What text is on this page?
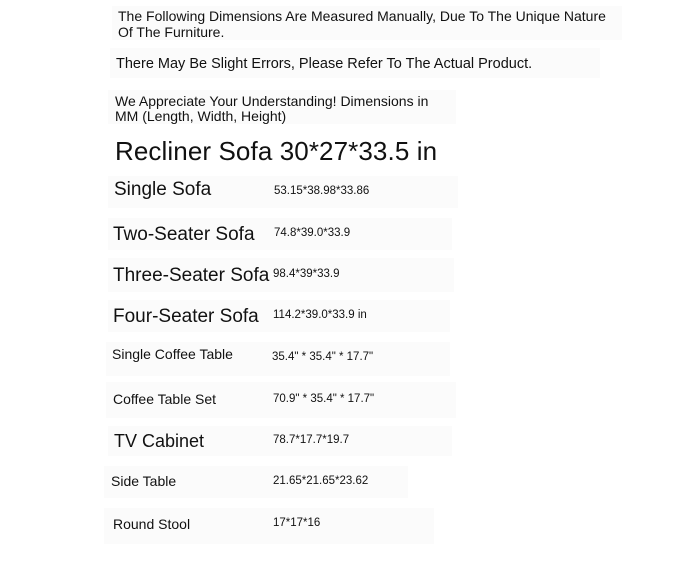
The Following Dimensions Are Measured Manually, Due To The Unique Nature
Of The Furniture.
There May Be Slight Errors, Please Refer To The Actual Product.
We Appreciate Your Understanding! Dimensions in
MM (Length, Width, Height)
Recliner Sofa 30*27*33.5 in
Single Sofa
Two-Seater Sofa
Three-Seater Sofa
Four-Seater Sofa
Single Coffee Table
Coffee Table Set
TV Cabinet
Side Table
Round Stool
53.15*38.98*33.86
74.8*39.0*33.9
98.4*39*33.9
114.2*39.0*33.9 in
35.4" * 35.4" * 17.7"
70.9" * 35.4" * 17.7"
78.7*17.7*19.7
21.65*21.65*23.62
17*17*16
